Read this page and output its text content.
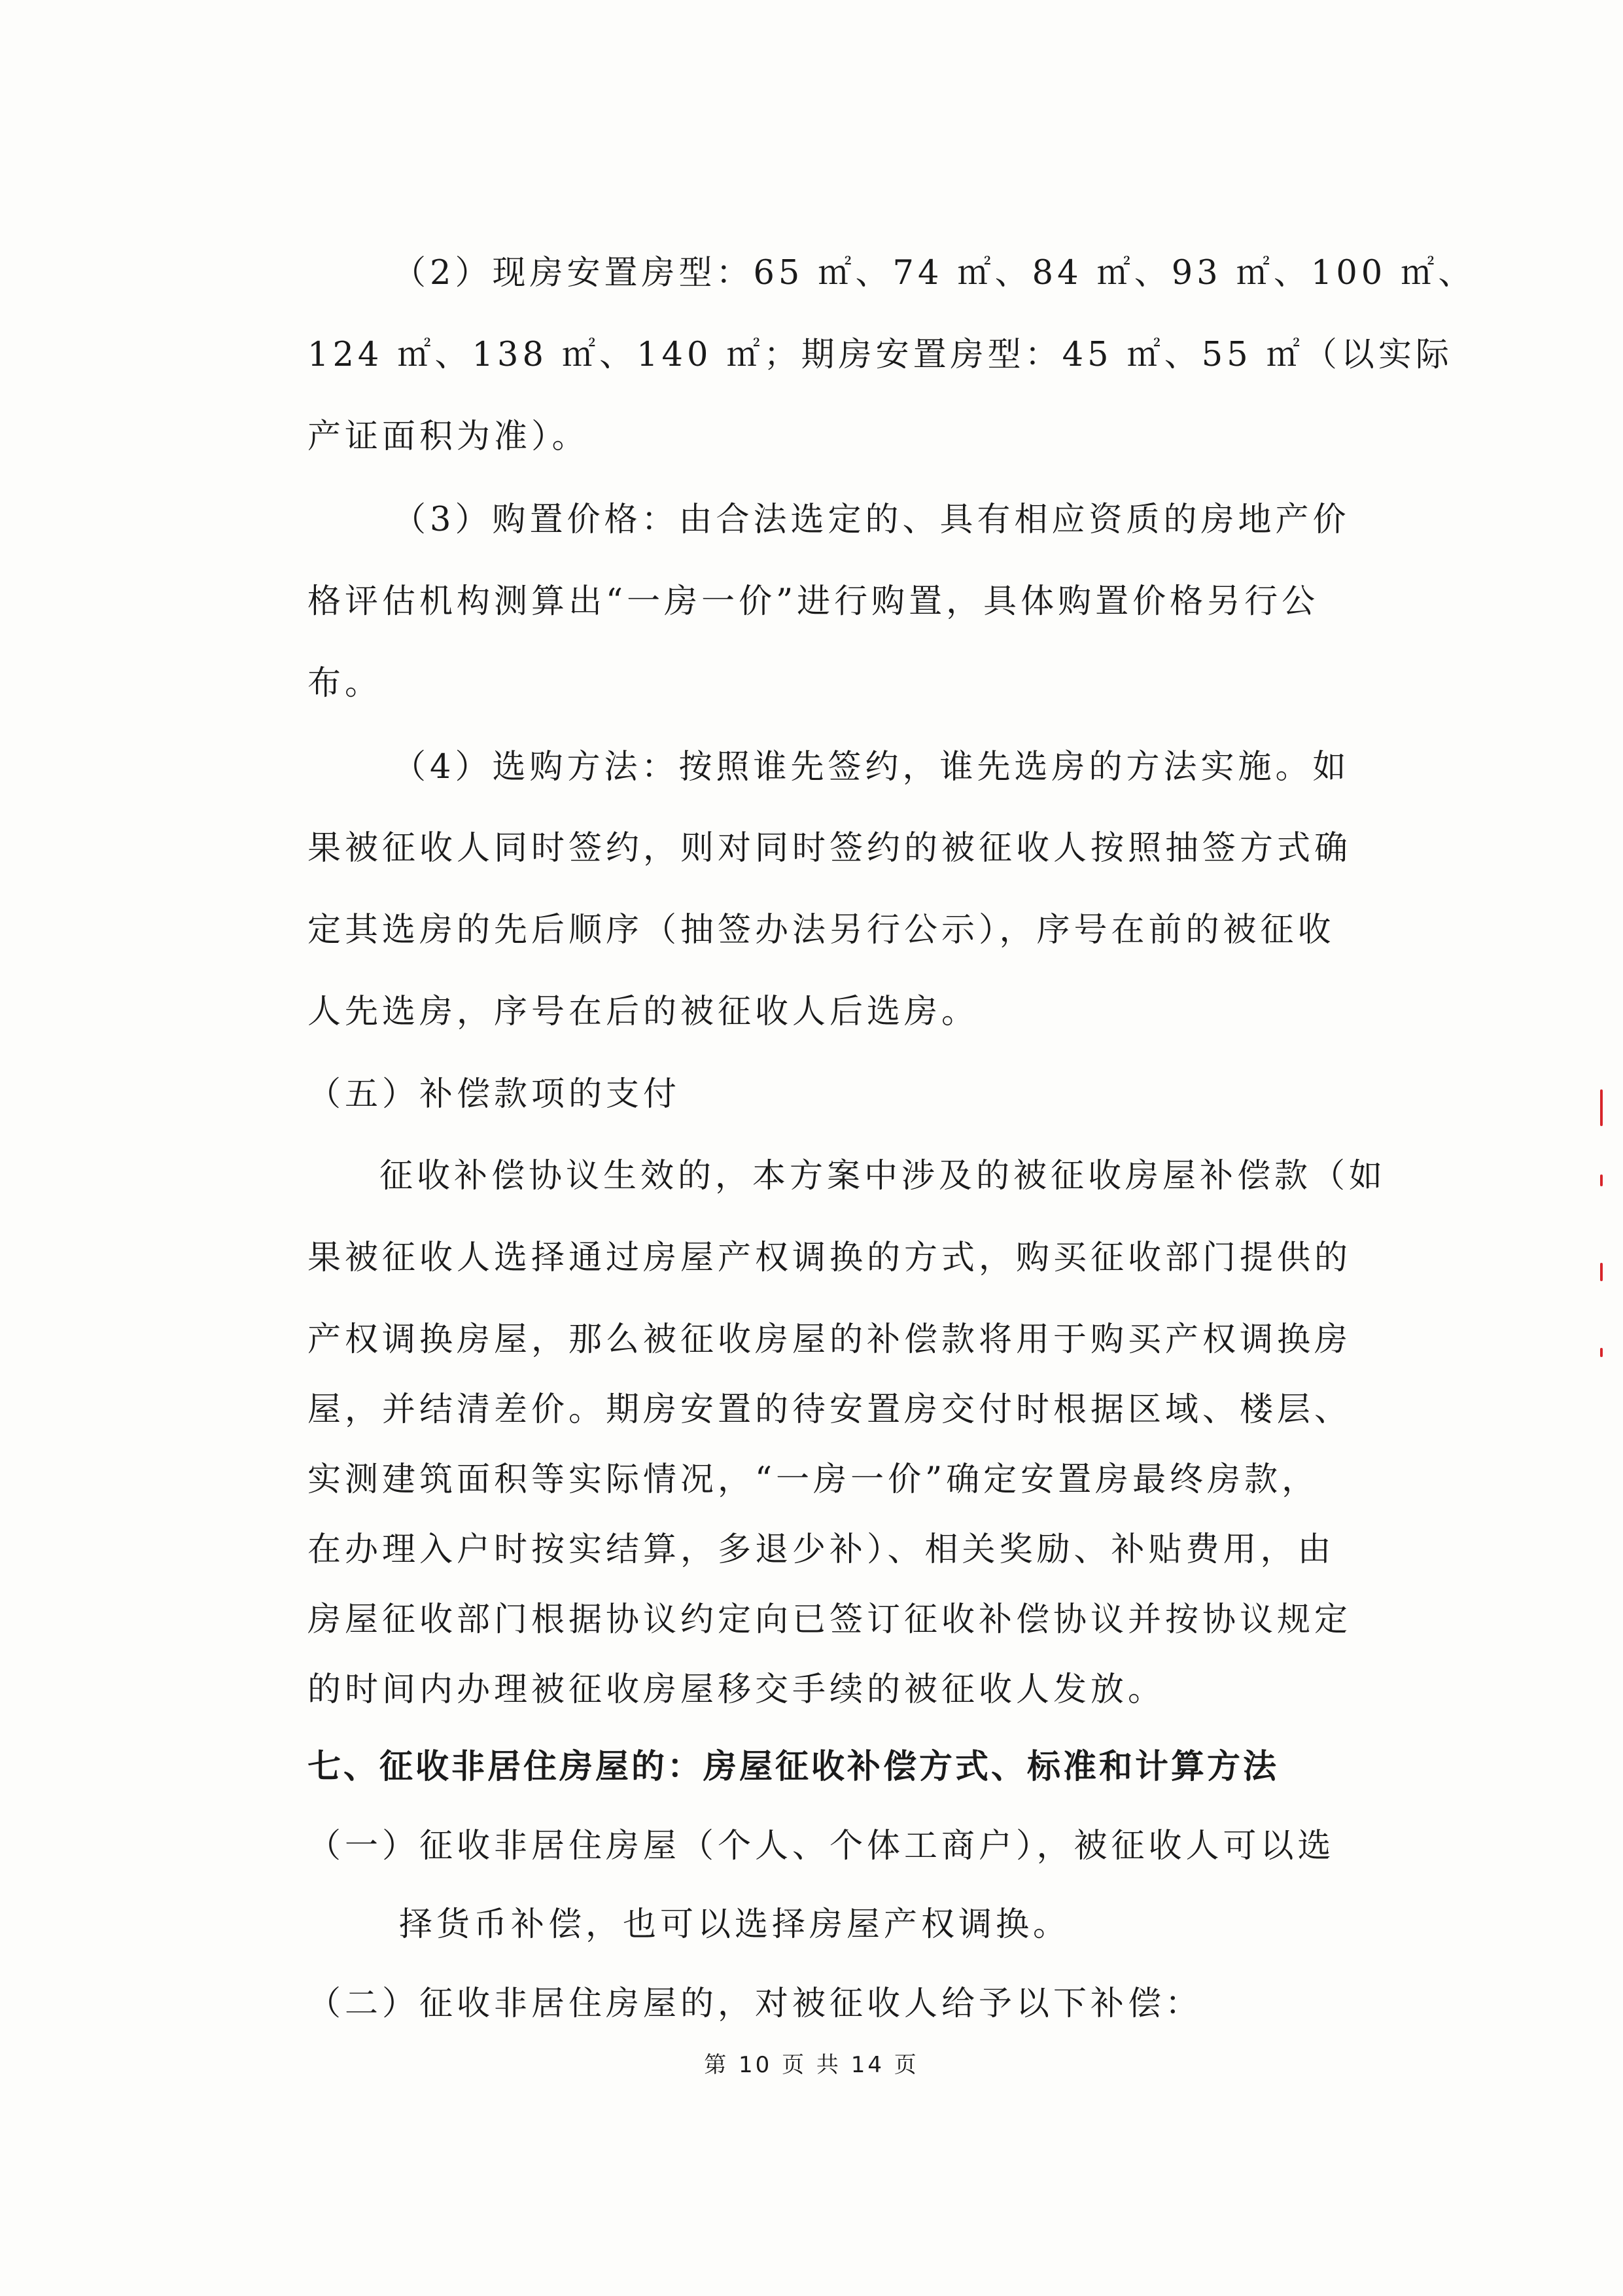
（2）现房安置房型：65 ㎡、74 ㎡、84 ㎡、93 ㎡、100 ㎡、

124 ㎡、138 ㎡、140 ㎡；期房安置房型：45 ㎡、55 ㎡（以实际

产证面积为准）。

（3）购置价格：由合法选定的、具有相应资质的房地产价

格评估机构测算出“一房一价”进行购置，具体购置价格另行公

布。

（4）选购方法：按照谁先签约，谁先选房的方法实施。如

果被征收人同时签约，则对同时签约的被征收人按照抽签方式确

定其选房的先后顺序（抽签办法另行公示），序号在前的被征收

人先选房，序号在后的被征收人后选房。

（五）补偿款项的支付

征收补偿协议生效的，本方案中涉及的被征收房屋补偿款（如

果被征收人选择通过房屋产权调换的方式，购买征收部门提供的

产权调换房屋，那么被征收房屋的补偿款将用于购买产权调换房

屋，并结清差价。期房安置的待安置房交付时根据区域、楼层、

实测建筑面积等实际情况，“一房一价”确定安置房最终房款，

在办理入户时按实结算，多退少补）、相关奖励、补贴费用，由

房屋征收部门根据协议约定向已签订征收补偿协议并按协议规定

的时间内办理被征收房屋移交手续的被征收人发放。

七、征收非居住房屋的：房屋征收补偿方式、标准和计算方法

（一）征收非居住房屋（个人、个体工商户），被征收人可以选

择货币补偿，也可以选择房屋产权调换。

（二）征收非居住房屋的，对被征收人给予以下补偿：

第 10 页 共 14 页
